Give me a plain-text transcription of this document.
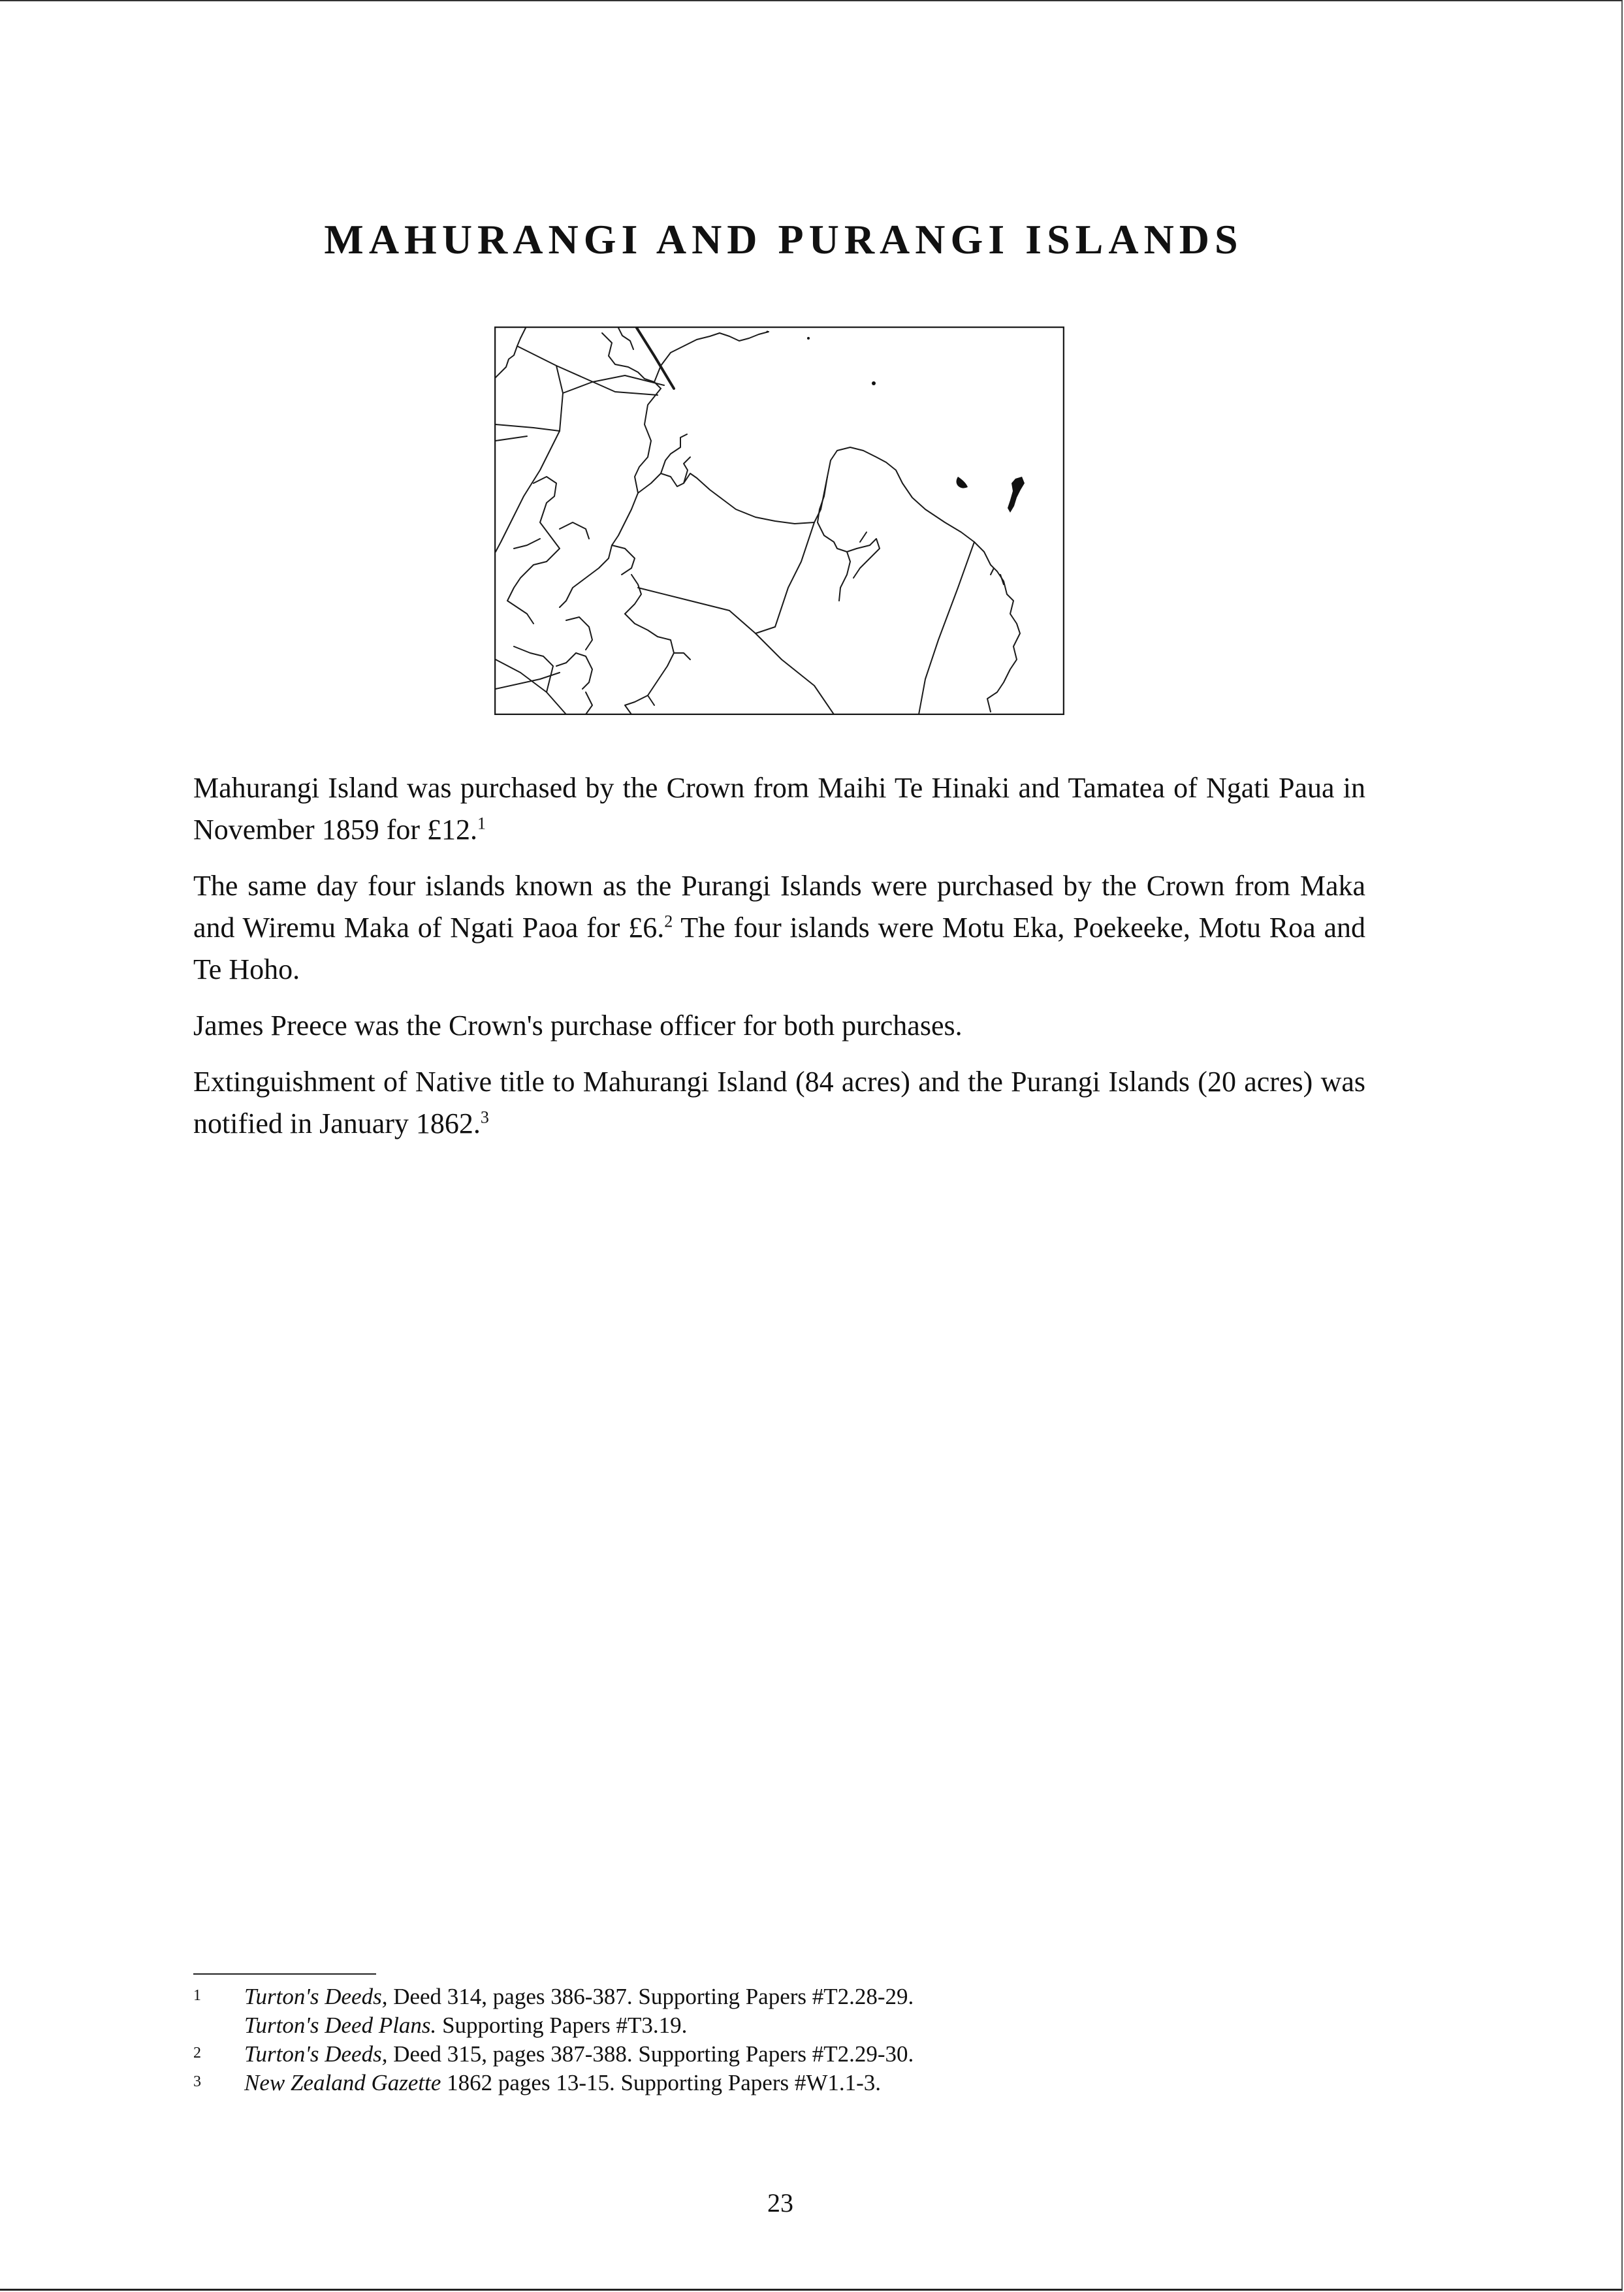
MAHURANGI AND PURANGI ISLANDS

Mahurangi Island was purchased by the Crown from Maihi Te Hinaki and Tamatea of Ngati Paua in November 1859 for £12.$^1$

The same day four islands known as the Purangi Islands were purchased by the Crown from Maka and Wiremu Maka of Ngati Paoa for £6.$^2$ The four islands were Motu Eka, Poekeeke, Motu Roa and Te Hoho.

James Preece was the Crown's purchase officer for both purchases.

Extinguishment of Native title to Mahurangi Island (84 acres) and the Purangi Islands (20 acres) was notified in January 1862.$^3$

1	Turton's Deeds, Deed 314, pages 386-387. Supporting Papers #T2.28-29.
Turton's Deed Plans. Supporting Papers #T3.19.
2	Turton's Deeds, Deed 315, pages 387-388. Supporting Papers #T2.29-30.
3	New Zealand Gazette 1862 pages 13-15. Supporting Papers #W1.1-3.
23
